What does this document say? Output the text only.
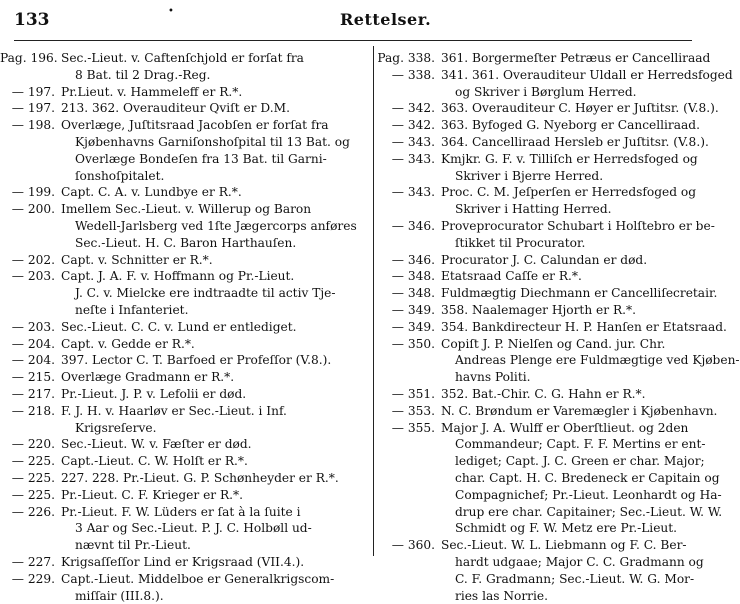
133	•	Rettelser.
Pag. 196. Sec.-Lieut. v. Caftenſchjold er forſat fra
8 Bat. til 2 Drag.-Reg.
— 197. Pr.Lieut. v. Hammeleff er R.*.
— 197. 213. 362. Overauditeur Qviſt er D.M.
— 198. Overlæge, Juſtitsraad Jacobſen er forſat fra
Kjøbenhavns Garniſonshoſpital til 13 Bat. og
Overlæge Bondeſen fra 13 Bat. til Garni-
ſonshoſpitalet.
— 199. Capt. C. A. v. Lundbye er R.*.
— 200. Imellem Sec.-Lieut. v. Willerup og Baron
Wedell-Jarlsberg ved 1ſte Jægercorps anføres
Sec.-Lieut. H. C. Baron Harthauſen.
— 202. Capt. v. Schnitter er R.*.
— 203. Capt. J. A. F. v. Hoffmann og Pr.-Lieut.
J. C. v. Mielcke ere indtraadte til activ Tje-
neſte i Infanteriet.
— 203. Sec.-Lieut. C. C. v. Lund er entlediget.
— 204. Capt. v. Gedde er R.*.
— 204. 397. Lector C. T. Barfoed er Profeſſor (V.8.).
— 215. Overlæge Gradmann er R.*.
— 217. Pr.-Lieut. J. P. v. Lefolii er død.
— 218. F. J. H. v. Haarløv er Sec.-Lieut. i Inf.
Krigsreſerve.
— 220. Sec.-Lieut. W. v. Fæſter er død.
— 225. Capt.-Lieut. C. W. Holſt er R.*.
— 225. 227. 228. Pr.-Lieut. G. P. Schønheyder er R.*.
— 225. Pr.-Lieut. C. F. Krieger er R.*.
— 226. Pr.-Lieut. F. W. Lüders er ſat à la ſuite i
3 Aar og Sec.-Lieut. P. J. C. Holbøll ud-
nævnt til Pr.-Lieut.
— 227. Krigsaſſeſſor Lind er Krigsraad (VII.4.).
— 229. Capt.-Lieut. Middelboe er Generalkrigscom-
miſſair (III.8.).
Pag. 338. 361. Borgermeſter Petræus er Cancelliraad
— 338. 341. 361. Overauditeur Uldall er Herredsfoged
og Skriver i Børglum Herred.
— 342. 363. Overauditeur C. Høyer er Juſtitsr. (V.8.).
— 342. 363. Byfoged G. Nyeborg er Cancelliraad.
— 343. 364. Cancelliraad Hersleb er Juſtitsr. (V.8.).
— 343. Kmjkr. G. F. v. Tilliſch er Herredsfoged og
Skriver i Bjerre Herred.
— 343. Proc. C. M. Jeſperſen er Herredsfoged og
Skriver i Hatting Herred.
— 346. Proveprocurator Schubart i Holſtebro er be-
ſtikket til Procurator.
— 346. Procurator J. C. Calundan er død.
— 348. Etatsraad Caſſe er R.*.
— 348. Fuldmægtig Diechmann er Cancelliſecretair.
— 349. 358. Naalemager Hjorth er R.*.
— 349. 354. Bankdirecteur H. P. Hanſen er Etatsraad.
— 350. Copiſt J. P. Nielſen og Cand. jur. Chr.
Andreas Plenge ere Fuldmægtige ved Kjøben-
havns Politi.
— 351. 352. Bat.-Chir. C. G. Hahn er R.*.
— 353. N. C. Brøndum er Varemægler i Kjøbenhavn.
— 355. Major J. A. Wulff er Oberſtlieut. og 2den
Commandeur; Capt. F. F. Mertins er ent-
lediget; Capt. J. C. Green er char. Major;
char. Capt. H. C. Bredeneck er Capitain og
Compagnichef; Pr.-Lieut. Leonhardt og Ha-
drup ere char. Capitainer; Sec.-Lieut. W. W.
Schmidt og F. W. Metz ere Pr.-Lieut.
— 360. Sec.-Lieut. W. L. Liebmann og F. C. Ber-
hardt udgaae; Major C. C. Gradmann og
C. F. Gradmann; Sec.-Lieut. W. G. Mor-
ries las Norrie.
